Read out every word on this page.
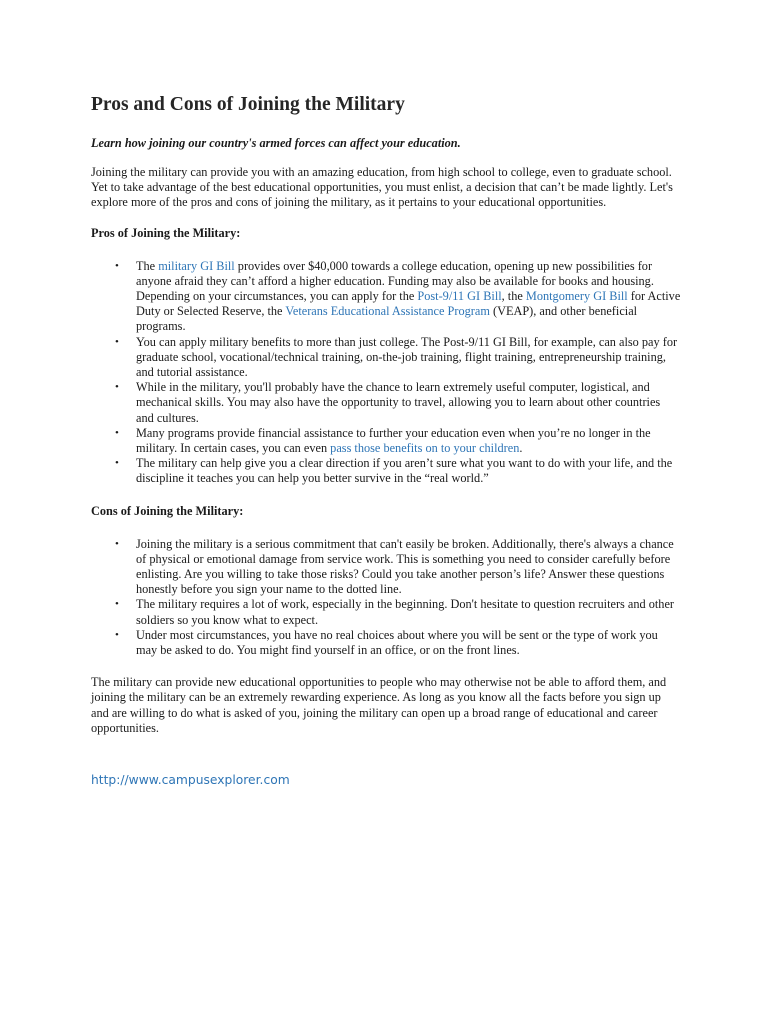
Pros and Cons of Joining the Military

Learn how joining our country's armed forces can affect your education.

Joining the military can provide you with an amazing education, from high school to college, even to graduate school. Yet to take advantage of the best educational opportunities, you must enlist, a decision that can’t be made lightly. Let's explore more of the pros and cons of joining the military, as it pertains to your educational opportunities.

Pros of Joining the Military:

• The military GI Bill provides over $40,000 towards a college education, opening up new possibilities for anyone afraid they can’t afford a higher education. Funding may also be available for books and housing. Depending on your circumstances, you can apply for the Post-9/11 GI Bill, the Montgomery GI Bill for Active Duty or Selected Reserve, the Veterans Educational Assistance Program (VEAP), and other beneficial programs.
• You can apply military benefits to more than just college. The Post-9/11 GI Bill, for example, can also pay for graduate school, vocational/technical training, on-the-job training, flight training, entrepreneurship training, and tutorial assistance.
• While in the military, you'll probably have the chance to learn extremely useful computer, logistical, and mechanical skills. You may also have the opportunity to travel, allowing you to learn about other countries and cultures.
• Many programs provide financial assistance to further your education even when you’re no longer in the military. In certain cases, you can even pass those benefits on to your children.
• The military can help give you a clear direction if you aren’t sure what you want to do with your life, and the discipline it teaches you can help you better survive in the “real world.”

Cons of Joining the Military:

• Joining the military is a serious commitment that can't easily be broken. Additionally, there's always a chance of physical or emotional damage from service work. This is something you need to consider carefully before enlisting. Are you willing to take those risks? Could you take another person’s life? Answer these questions honestly before you sign your name to the dotted line.
• The military requires a lot of work, especially in the beginning. Don't hesitate to question recruiters and other soldiers so you know what to expect.
• Under most circumstances, you have no real choices about where you will be sent or the type of work you may be asked to do. You might find yourself in an office, or on the front lines.

The military can provide new educational opportunities to people who may otherwise not be able to afford them, and joining the military can be an extremely rewarding experience. As long as you know all the facts before you sign up and are willing to do what is asked of you, joining the military can open up a broad range of educational and career opportunities.

http://www.campusexplorer.com
